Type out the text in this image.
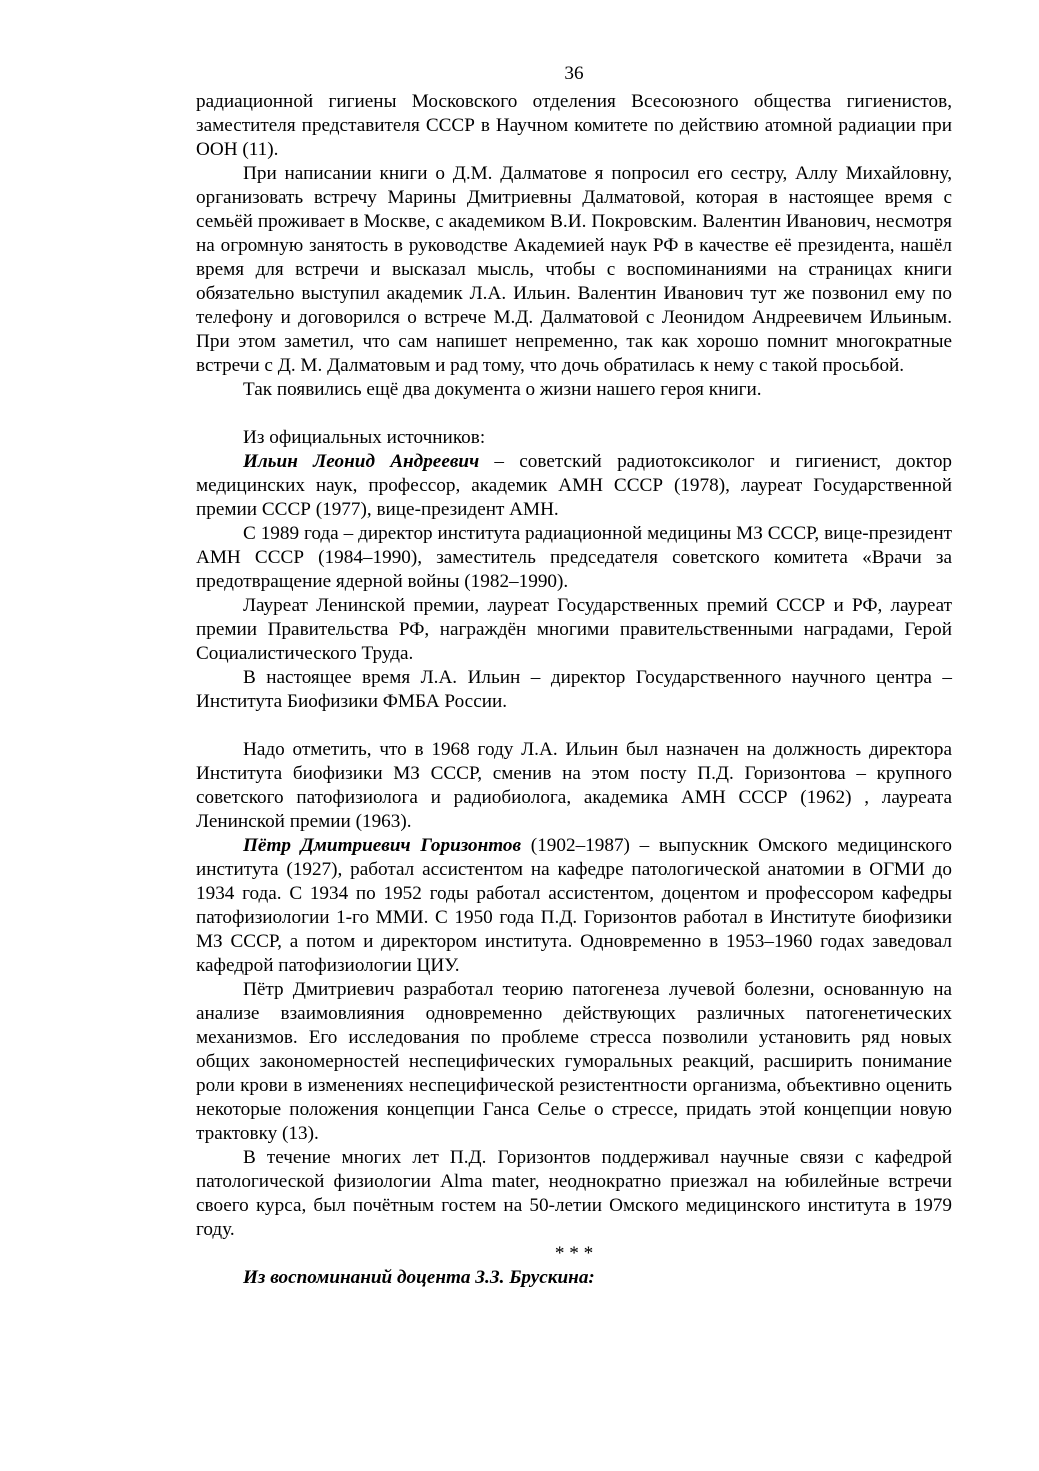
36

радиационной гигиены Московского отделения Всесоюзного общества гигиенистов, заместителя представителя СССР в Научном комитете по действию атомной радиации при ООН (11).

При написании книги о Д.М. Далматове я попросил его сестру, Аллу Михайловну, организовать встречу Марины Дмитриевны Далматовой, которая в настоящее время с семьёй проживает в Москве, с академиком В.И. Покровским. Валентин Иванович, несмотря на огромную занятость в руководстве Академией наук РФ в качестве её президента, нашёл время для встречи и высказал мысль, чтобы с воспоминаниями на страницах книги обязательно выступил академик Л.А. Ильин. Валентин Иванович тут же позвонил ему по телефону и договорился о встрече М.Д. Далматовой с Леонидом Андреевичем Ильиным. При этом заметил, что сам напишет непременно, так как хорошо помнит многократные встречи с Д. М. Далматовым и рад тому, что дочь обратилась к нему с такой просьбой.

Так появились ещё два документа о жизни нашего героя книги.

Из официальных источников:

Ильин Леонид Андреевич – советский радиотоксиколог и гигиенист, доктор медицинских наук, профессор, академик АМН СССР (1978), лауреат Государственной премии СССР (1977), вице-президент АМН.

С 1989 года – директор института радиационной медицины МЗ СССР, вице-президент АМН СССР (1984–1990), заместитель председателя советского комитета «Врачи за предотвращение ядерной войны (1982–1990).

Лауреат Ленинской премии, лауреат Государственных премий СССР и РФ, лауреат премии Правительства РФ, награждён многими правительственными наградами, Герой Социалистического Труда.

В настоящее время Л.А. Ильин – директор Государственного научного центра – Института Биофизики ФМБА России.

Надо отметить, что в 1968 году Л.А. Ильин был назначен на должность директора Института биофизики МЗ СССР, сменив на этом посту П.Д. Горизонтова – крупного советского патофизиолога и радиобиолога, академика АМН СССР (1962) , лауреата Ленинской премии (1963).

Пётр Дмитриевич Горизонтов (1902–1987) – выпускник Омского медицинского института (1927), работал ассистентом на кафедре патологической анатомии в ОГМИ до 1934 года. С 1934 по 1952 годы работал ассистентом, доцентом и профессором кафедры патофизиологии 1-го ММИ. С 1950 года П.Д. Горизонтов работал в Институте биофизики МЗ СССР, а потом и директором института. Одновременно в 1953–1960 годах заведовал кафедрой патофизиологии ЦИУ.

Пётр Дмитриевич разработал теорию патогенеза лучевой болезни, основанную на анализе взаимовлияния одновременно действующих различных патогенетических механизмов. Его исследования по проблеме стресса позволили установить ряд новых общих закономерностей неспецифических гуморальных реакций, расширить понимание роли крови в изменениях неспецифической резистентности организма, объективно оценить некоторые положения концепции Ганса Селье о стрессе, придать этой концепции новую трактовку (13).

В течение многих лет П.Д. Горизонтов поддерживал научные связи с кафедрой патологической физиологии Alma mater, неоднократно приезжал на юбилейные встречи своего курса, был почётным гостем на 50-летии Омского медицинского института в 1979 году.

* * *

Из воспоминаний доцента З.З. Брускина:
